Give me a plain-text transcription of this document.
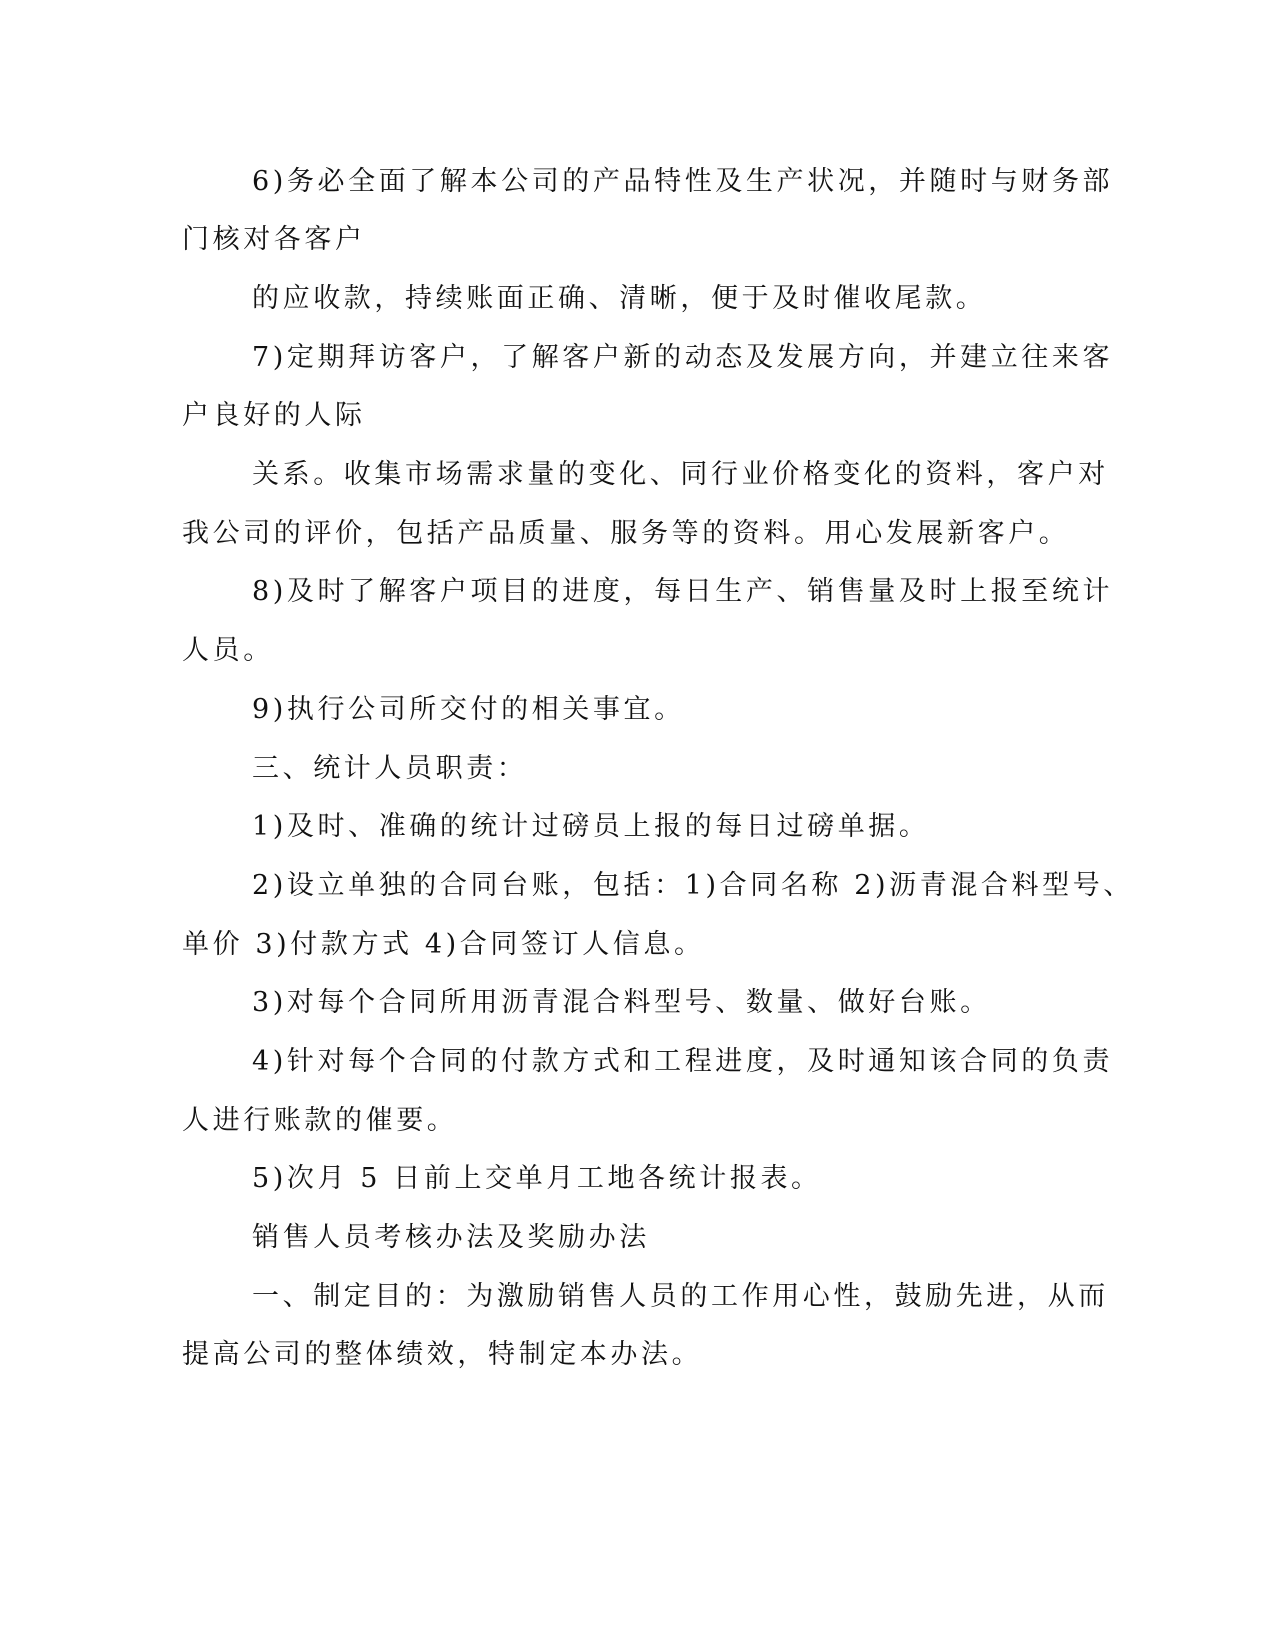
6)务必全面了解本公司的产品特性及生产状况，并随时与财务部
门核对各客户
的应收款，持续账面正确、清晰，便于及时催收尾款。
7)定期拜访客户，了解客户新的动态及发展方向，并建立往来客
户良好的人际
关系。收集市场需求量的变化、同行业价格变化的资料，客户对
我公司的评价，包括产品质量、服务等的资料。用心发展新客户。
8)及时了解客户项目的进度，每日生产、销售量及时上报至统计
人员。
9)执行公司所交付的相关事宜。
三、统计人员职责：
1)及时、准确的统计过磅员上报的每日过磅单据。
2)设立单独的合同台账，包括：1)合同名称 2)沥青混合料型号、
单价 3)付款方式 4)合同签订人信息。
3)对每个合同所用沥青混合料型号、数量、做好台账。
4)针对每个合同的付款方式和工程进度，及时通知该合同的负责
人进行账款的催要。
5)次月 5 日前上交单月工地各统计报表。
销售人员考核办法及奖励办法
一、制定目的：为激励销售人员的工作用心性，鼓励先进，从而
提高公司的整体绩效，特制定本办法。
